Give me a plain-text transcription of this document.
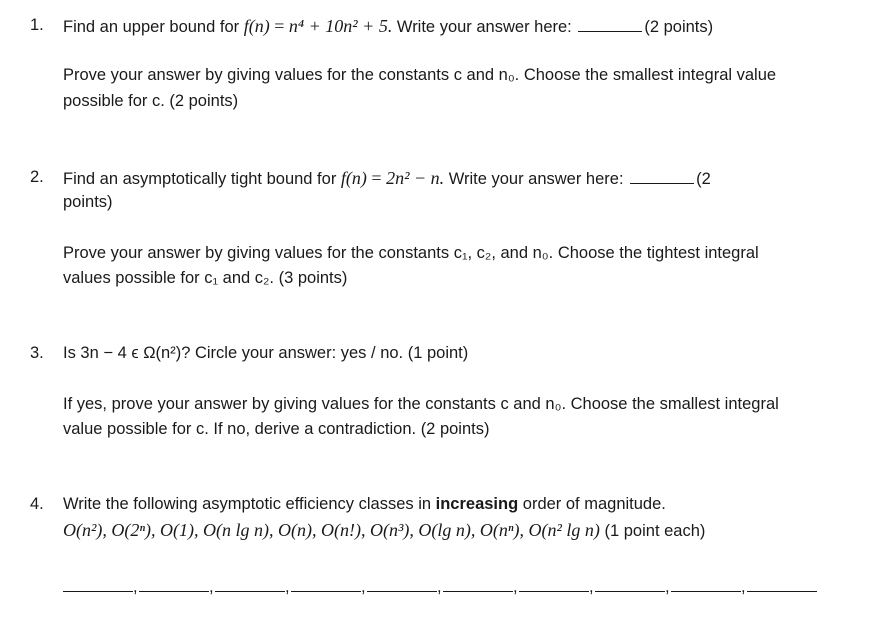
1. Find an upper bound for f(n) = n⁴ + 10n² + 5. Write your answer here:	(2 points)
Prove your answer by giving values for the constants c and n₀. Choose the smallest integral value
possible for c. (2 points)
2. Find an asymptotically tight bound for f(n) = 2n² − n. Write your answer here:	(2
points)
Prove your answer by giving values for the constants c₁, c₂, and n₀. Choose the tightest integral
values possible for c₁ and c₂. (3 points)
3. Is 3n − 4 ϵ Ω(n²)? Circle your answer: yes / no. (1 point)
If yes, prove your answer by giving values for the constants c and n₀. Choose the smallest integral
value possible for c. If no, derive a contradiction. (2 points)
4. Write the following asymptotic efficiency classes in increasing order of magnitude.
O(n²), O(2ⁿ), O(1), O(n lg n), O(n), O(n!), O(n³), O(lg n), O(nⁿ), O(n² lg n) (1 point each)
,	,	,	,	,	,	,	,	,
